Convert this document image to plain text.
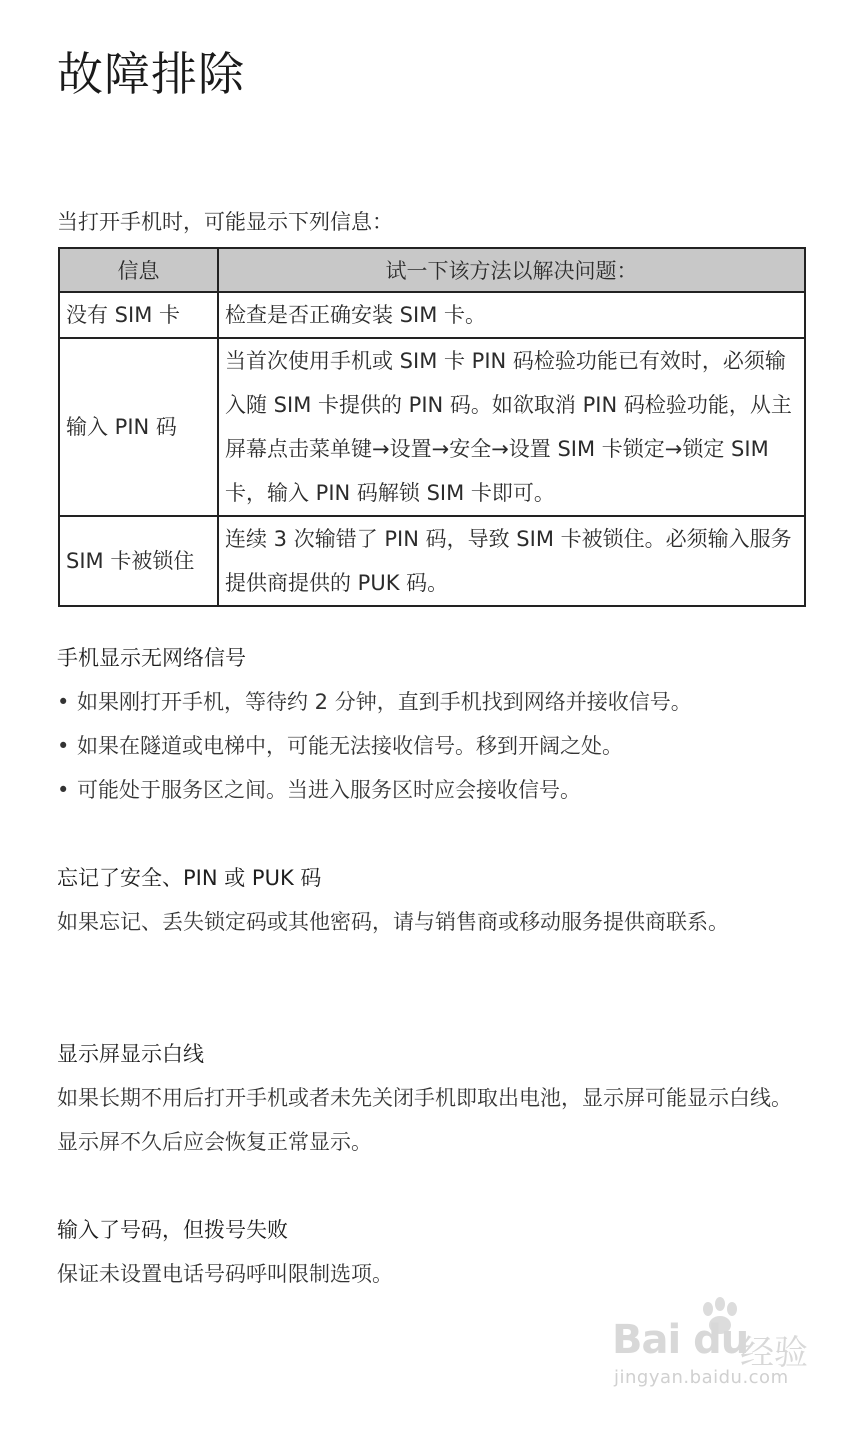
故障排除

当打开手机时，可能显示下列信息：

信息	试一下该方法以解决问题：
没有 SIM 卡	检查是否正确安装 SIM 卡。
输入 PIN 码	当首次使用手机或 SIM 卡 PIN 码检验功能已有效时，必须输入随 SIM 卡提供的 PIN 码。如欲取消 PIN 码检验功能，从主屏幕点击菜单键→设置→安全→设置 SIM 卡锁定→锁定 SIM 卡，输入 PIN 码解锁 SIM 卡即可。
SIM 卡被锁住	连续 3 次输错了 PIN 码，导致 SIM 卡被锁住。必须输入服务提供商提供的 PUK 码。
手机显示无网络信号
• 如果刚打开手机，等待约 2 分钟，直到手机找到网络并接收信号。
• 如果在隧道或电梯中，可能无法接收信号。移到开阔之处。
• 可能处于服务区之间。当进入服务区时应会接收信号。
忘记了安全、PIN 或 PUK 码

如果忘记、丢失锁定码或其他密码，请与销售商或移动服务提供商联系。

显示屏显示白线

如果长期不用后打开手机或者未先关闭手机即取出电池，显示屏可能显示白线。显示屏不久后应会恢复正常显示。

输入了号码，但拨号失败

保证未设置电话号码呼叫限制选项。

Bai du
经验
jingyan.baidu.com
